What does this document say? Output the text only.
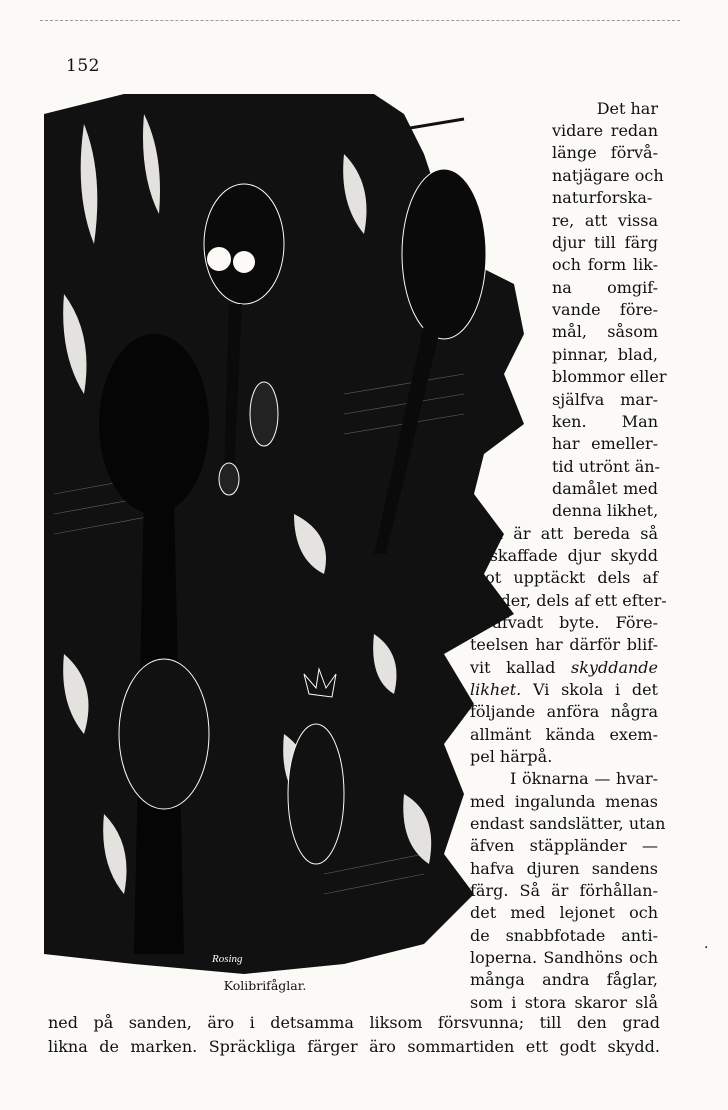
152
Rosing
Kolibrifåglar.
Det har
vidare redan
länge förvå-
natjägare och
naturforska-
re, att vissa
djur till färg
och form lik-
na omgif-
vande före-
mål, såsom
pinnar, blad,
blommor eller
själfva mar-
ken. Man
har emeller-
tid utrönt än-
damålet med
denna likhet,
som är att bereda så
beskaffade djur skydd
mot upptäckt dels af
fiender, dels af ett efter-
sträfvadt byte. Före-
teelsen har därför blif-
vit kallad skyddande
likhet. Vi skola i det
följande anföra några
allmänt kända exem-
pel härpå.
I öknarna — hvar-
med ingalunda menas
endast sandslätter, utan
äfven stäppländer —
hafva djuren sandens
färg. Så är förhållan-
det med lejonet och
de snabbfotade anti-
loperna. Sandhöns och
många andra fåglar,
som i stora skaror slå
ned på sanden, äro i detsamma liksom försvunna; till den grad
likna de marken. Spräckliga färger äro sommartiden ett godt skydd.
·
